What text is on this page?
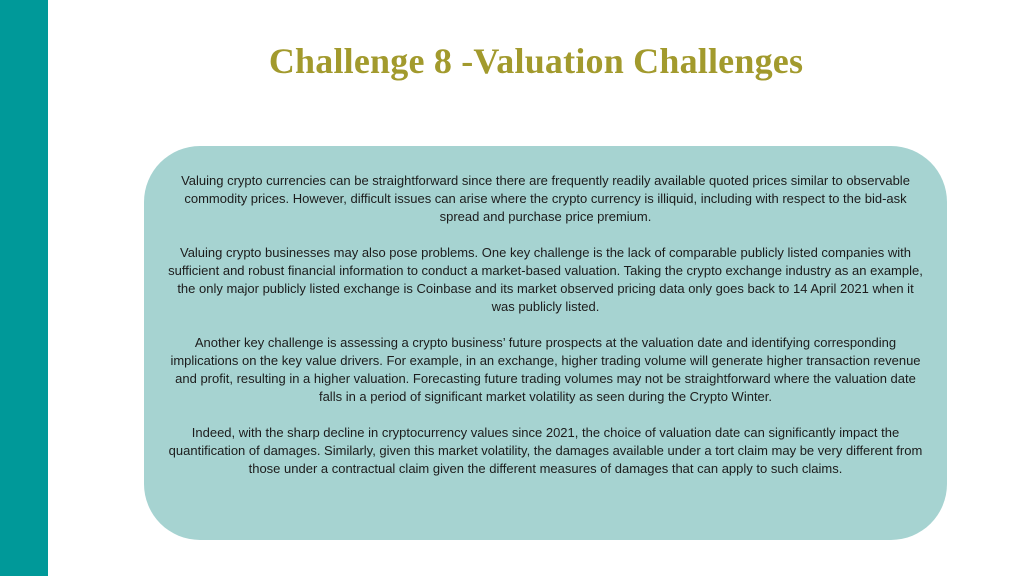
Challenge 8 -Valuation Challenges

Valuing crypto currencies can be straightforward since there are frequently readily available quoted prices similar to observable commodity prices. However, difficult issues can arise where the crypto currency is illiquid, including with respect to the bid-ask spread and purchase price premium.

Valuing crypto businesses may also pose problems. One key challenge is the lack of comparable publicly listed companies with sufficient and robust financial information to conduct a market-based valuation. Taking the crypto exchange industry as an example, the only major publicly listed exchange is Coinbase and its market observed pricing data only goes back to 14 April 2021 when it was publicly listed.

Another key challenge is assessing a crypto business’ future prospects at the valuation date and identifying corresponding implications on the key value drivers. For example, in an exchange, higher trading volume will generate higher transaction revenue and profit, resulting in a higher valuation. Forecasting future trading volumes may not be straightforward where the valuation date falls in a period of significant market volatility as seen during the Crypto Winter.

Indeed, with the sharp decline in cryptocurrency values since 2021, the choice of valuation date can significantly impact the quantification of damages. Similarly, given this market volatility, the damages available under a tort claim may be very different from those under a contractual claim given the different measures of damages that can apply to such claims.
